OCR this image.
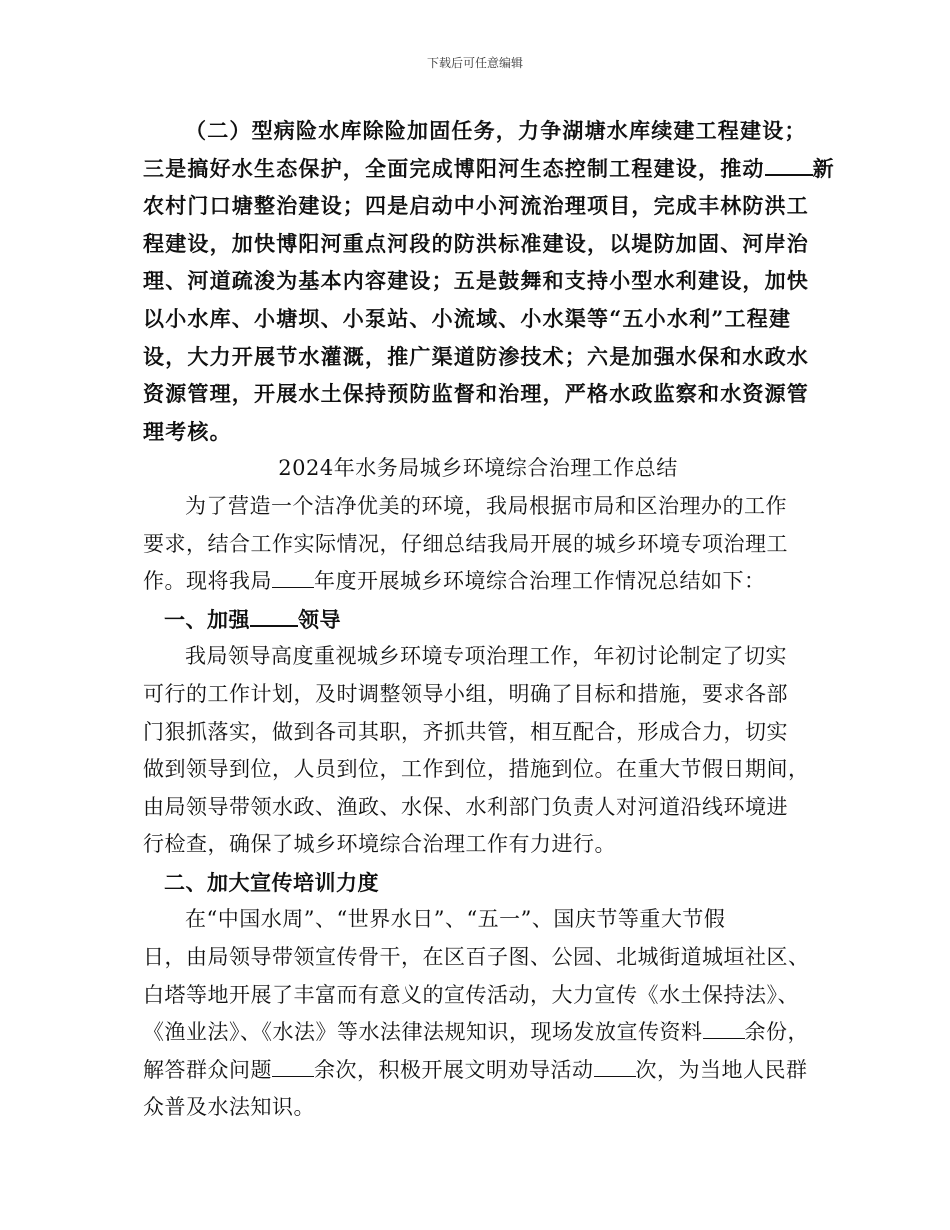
下载后可任意编辑
（二）型病险水库除险加固任务，力争湖塘水库续建工程建设；
三是搞好水生态保护，全面完成博阳河生态控制工程建设，推动 新
农村门口塘整治建设；四是启动中小河流治理项目，完成丰林防洪工
程建设，加快博阳河重点河段的防洪标准建设，以堤防加固、河岸治
理、河道疏浚为基本内容建设；五是鼓舞和支持小型水利建设，加快
以小水库、小塘坝、小泵站、小流域、小水渠等“五小水利”工程建
设，大力开展节水灌溉，推广渠道防渗技术；六是加强水保和水政水
资源管理，开展水土保持预防监督和治理，严格水政监察和水资源管
理考核。
2024年水务局城乡环境综合治理工作总结
为了营造一个洁净优美的环境，我局根据市局和区治理办的工作
要求，结合工作实际情况，仔细总结我局开展的城乡环境专项治理工
作。现将我局 年度开展城乡环境综合治理工作情况总结如下：
一、加强 领导
我局领导高度重视城乡环境专项治理工作，年初讨论制定了切实
可行的工作计划，及时调整领导小组，明确了目标和措施，要求各部
门狠抓落实，做到各司其职，齐抓共管，相互配合，形成合力，切实
做到领导到位，人员到位，工作到位，措施到位。在重大节假日期间，
由局领导带领水政、渔政、水保、水利部门负责人对河道沿线环境进
行检查，确保了城乡环境综合治理工作有力进行。
二、加大宣传培训力度
在“中国水周”、“世界水日”、“五一”、国庆节等重大节假
日，由局领导带领宣传骨干，在区百子图、公园、北城街道城垣社区、
白塔等地开展了丰富而有意义的宣传活动，大力宣传《水土保持法》、
《渔业法》、《水法》等水法律法规知识，现场发放宣传资料 余份，
解答群众问题 余次，积极开展文明劝导活动 次，为当地人民群
众普及水法知识。
